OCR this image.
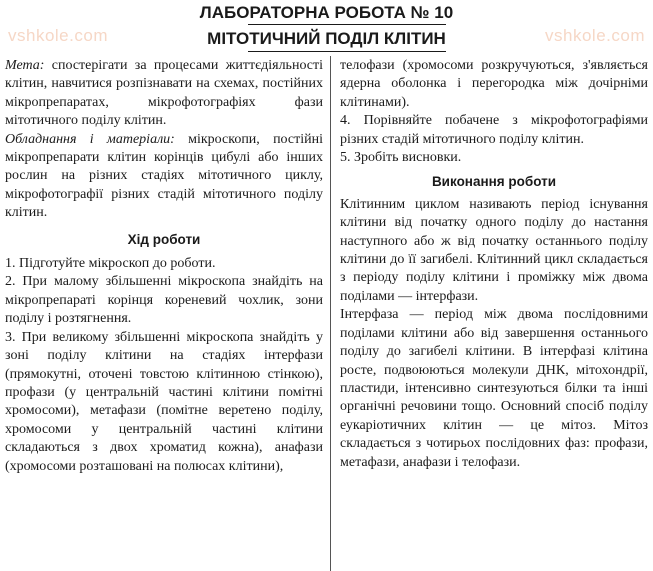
vshkole.com	vshkole.com
ЛАБОРАТОРНА РОБОТА № 10
МІТОТИЧНИЙ ПОДІЛ КЛІТИН

Мета: спостерігати за процесами життєдіяльності клітин, навчитися розпізнавати на схемах, постійних мікропрепаратах, мікрофотографіях фази мітотичного поділу клітин.

Обладнання і матеріали: мікроскопи, постійні мікропрепарати клітин корінців цибулі або інших рослин на різних стадіях мітотичного циклу, мікрофотографії різних стадій мітотичного поділу клітин.

Хід роботи

1. Підготуйте мікроскоп до роботи.

2. При малому збільшенні мікроскопа знайдіть на мікропрепараті корінця кореневий чохлик, зони поділу і розтягнення.

3. При великому збільшенні мікроскопа знайдіть у зоні поділу клітини на стадіях інтерфази (прямокутні, оточені товстою клітинною стінкою), профази (у центральній частині клітини помітні хромосоми), метафази (помітне веретено поділу, хромосоми у центральній частині клітини складаються з двох хроматид кожна), анафази (хромосоми розташовані на полюсах клітини),

телофази (хромосоми розкручуються, з'являється ядерна оболонка і перегородка між дочірніми клітинами).

4. Порівняйте побачене з мікрофотографіями різних стадій мітотичного поділу клітин.

5. Зробіть висновки.

Виконання роботи

Клітинним циклом називають період існування клітини від початку одного поділу до настання наступного або ж від початку останнього поділу клітини до її загибелі. Клітинний цикл складається з періоду поділу клітини і проміжку між двома поділами — інтерфази.

Інтерфаза — період між двома послідовними поділами клітини або від завершення останнього поділу до загибелі клітини. В інтерфазі клітина росте, подвоюються молекули ДНК, мітохондрії, пластиди, інтенсивно синтезуються білки та інші органічні речовини тощо. Основний спосіб поділу еукаріотичних клітин — це мітоз. Мітоз складається з чотирьох послідовних фаз: профази, метафази, анафази і телофази.
